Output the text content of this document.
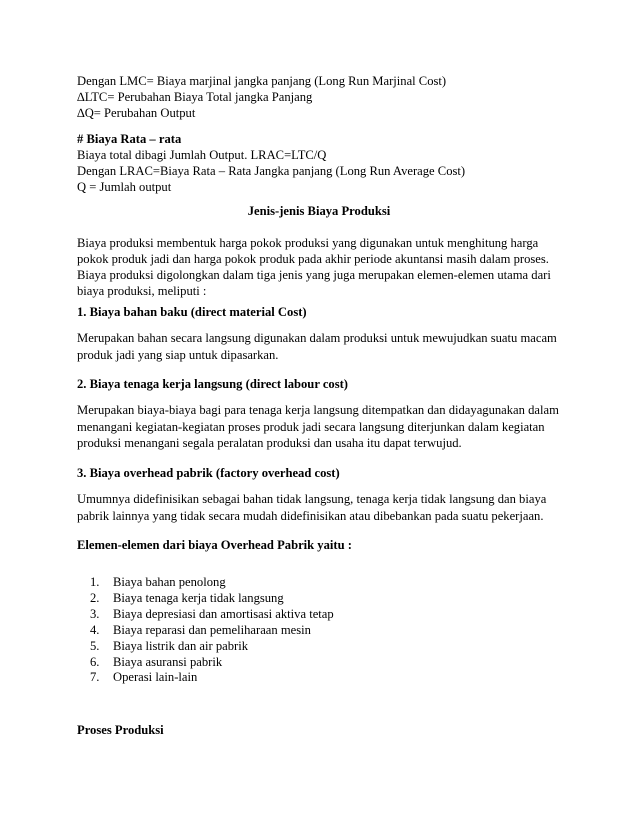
Dengan LMC= Biaya marjinal jangka panjang (Long Run Marjinal Cost)
∆LTC= Perubahan Biaya Total jangka Panjang
∆Q= Perubahan Output
# Biaya Rata – rata
Biaya total dibagi Jumlah Output. LRAC=LTC/Q
Dengan LRAC=Biaya Rata – Rata Jangka panjang (Long Run Average Cost)
Q = Jumlah output
Jenis-jenis Biaya Produksi
Biaya produksi membentuk harga pokok produksi yang digunakan untuk menghitung harga
pokok produk jadi dan harga pokok produk pada akhir periode akuntansi masih dalam proses.
Biaya produksi digolongkan dalam tiga jenis yang juga merupakan elemen-elemen utama dari
biaya produksi, meliputi :
1. Biaya bahan baku (direct material Cost)
Merupakan bahan secara langsung digunakan dalam produksi untuk mewujudkan suatu macam produk jadi yang siap untuk dipasarkan.
2. Biaya tenaga kerja langsung (direct labour cost)
Merupakan biaya-biaya bagi para tenaga kerja langsung ditempatkan dan didayagunakan dalam menangani kegiatan-kegiatan proses produk jadi secara langsung diterjunkan dalam kegiatan produksi menangani segala peralatan produksi dan usaha itu dapat terwujud.
3. Biaya overhead pabrik (factory overhead cost)
Umumnya didefinisikan sebagai bahan tidak langsung, tenaga kerja tidak langsung dan biaya pabrik lainnya yang tidak secara mudah didefinisikan atau dibebankan pada suatu pekerjaan.
Elemen-elemen dari biaya Overhead Pabrik yaitu :
1.	Biaya bahan penolong
2.	Biaya tenaga kerja tidak langsung
3.	Biaya depresiasi dan amortisasi aktiva tetap
4.	Biaya reparasi dan pemeliharaan mesin
5.	Biaya listrik dan air pabrik
6.	Biaya asuransi pabrik
7.	Operasi lain-lain
Proses Produksi
